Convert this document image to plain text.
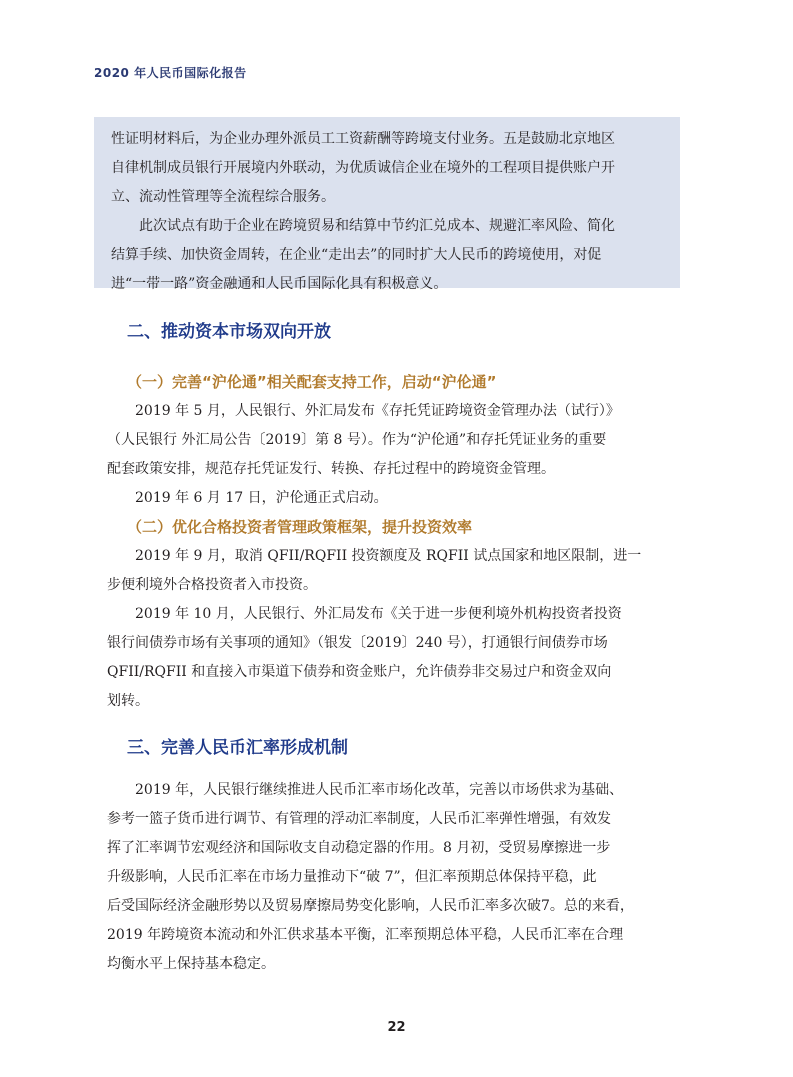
2020 年人民币国际化报告

性证明材料后，为企业办理外派员工工资薪酬等跨境支付业务。五是鼓励北京地区

自律机制成员银行开展境内外联动，为优质诚信企业在境外的工程项目提供账户开

立、流动性管理等全流程综合服务。

此次试点有助于企业在跨境贸易和结算中节约汇兑成本、规避汇率风险、简化

结算手续、加快资金周转，在企业“走出去”的同时扩大人民币的跨境使用，对促

进“一带一路”资金融通和人民币国际化具有积极意义。

二、推动资本市场双向开放
（一）完善“沪伦通”相关配套支持工作，启动“沪伦通”

2019 年 5 月，人民银行、外汇局发布《存托凭证跨境资金管理办法（试行）》

（人民银行 外汇局公告〔2019〕第 8 号）。作为“沪伦通”和存托凭证业务的重要

配套政策安排，规范存托凭证发行、转换、存托过程中的跨境资金管理。

2019 年 6 月 17 日，沪伦通正式启动。

（二）优化合格投资者管理政策框架，提升投资效率

2019 年 9 月，取消 QFII/RQFII 投资额度及 RQFII 试点国家和地区限制，进一

步便利境外合格投资者入市投资。

2019 年 10 月，人民银行、外汇局发布《关于进一步便利境外机构投资者投资

银行间债券市场有关事项的通知》（银发〔2019〕240 号），打通银行间债券市场

QFII/RQFII 和直接入市渠道下债券和资金账户，允许债券非交易过户和资金双向

划转。

三、完善人民币汇率形成机制

2019 年，人民银行继续推进人民币汇率市场化改革，完善以市场供求为基础、

参考一篮子货币进行调节、有管理的浮动汇率制度，人民币汇率弹性增强，有效发

挥了汇率调节宏观经济和国际收支自动稳定器的作用。8 月初，受贸易摩擦进一步

升级影响，人民币汇率在市场力量推动下“破 7”，但汇率预期总体保持平稳，此

后受国际经济金融形势以及贸易摩擦局势变化影响，人民币汇率多次破7。总的来看，

2019 年跨境资本流动和外汇供求基本平衡，汇率预期总体平稳，人民币汇率在合理

均衡水平上保持基本稳定。

22
